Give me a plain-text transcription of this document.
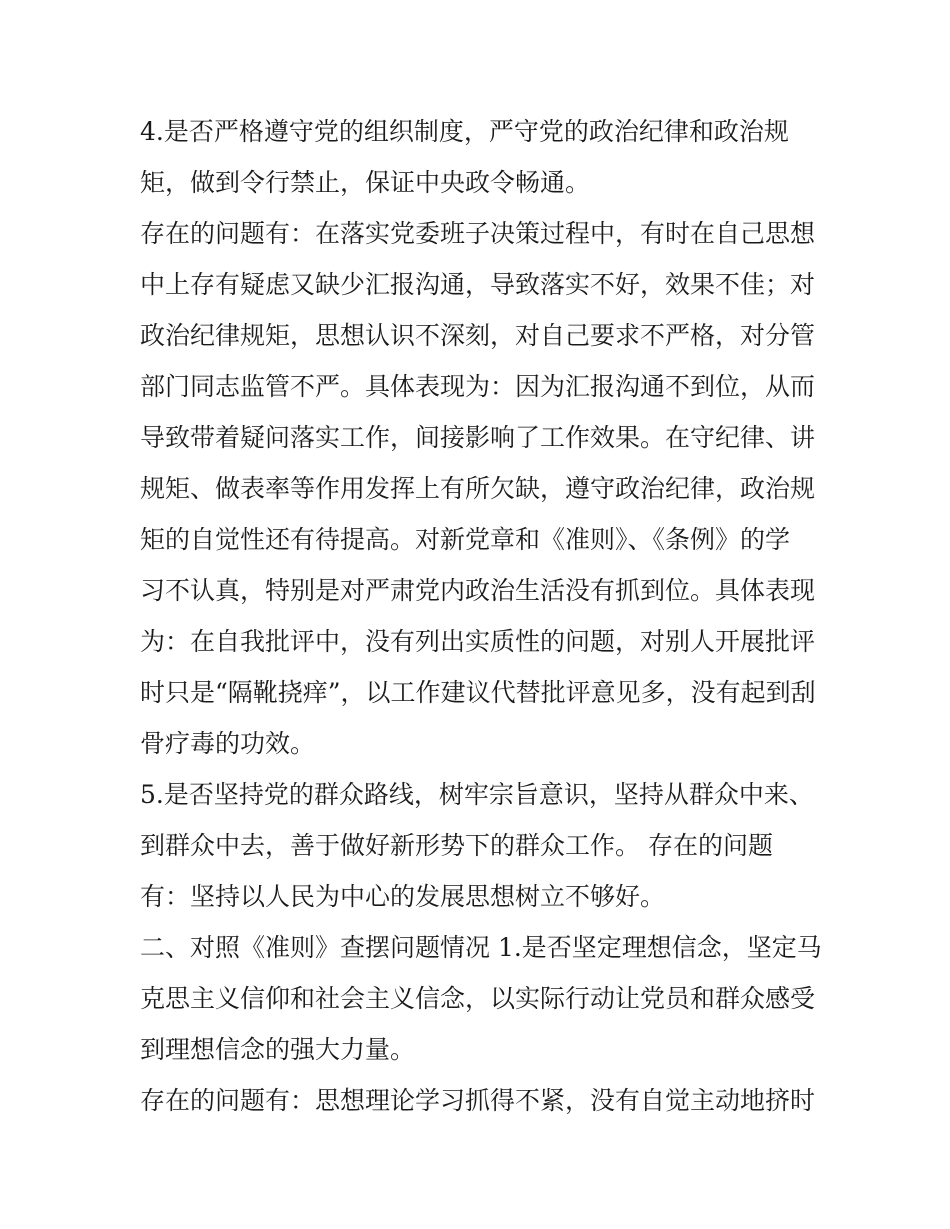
4.是否严格遵守党的组织制度，严守党的政治纪律和政治规
矩，做到令行禁止，保证中央政令畅通。

存在的问题有：在落实党委班子决策过程中，有时在自己思想
中上存有疑虑又缺少汇报沟通，导致落实不好，效果不佳；对
政治纪律规矩，思想认识不深刻，对自己要求不严格，对分管
部门同志监管不严。具体表现为：因为汇报沟通不到位，从而
导致带着疑问落实工作，间接影响了工作效果。在守纪律、讲
规矩、做表率等作用发挥上有所欠缺，遵守政治纪律，政治规
矩的自觉性还有待提高。对新党章和《准则》、《条例》的学
习不认真，特别是对严肃党内政治生活没有抓到位。具体表现
为：在自我批评中，没有列出实质性的问题，对别人开展批评
时只是“隔靴挠痒”，以工作建议代替批评意见多，没有起到刮
骨疗毒的功效。

5.是否坚持党的群众路线，树牢宗旨意识，坚持从群众中来、
到群众中去，善于做好新形势下的群众工作。 存在的问题
有：坚持以人民为中心的发展思想树立不够好。

二、对照《准则》查摆问题情况 1.是否坚定理想信念，坚定马
克思主义信仰和社会主义信念，以实际行动让党员和群众感受
到理想信念的强大力量。

存在的问题有：思想理论学习抓得不紧，没有自觉主动地挤时
